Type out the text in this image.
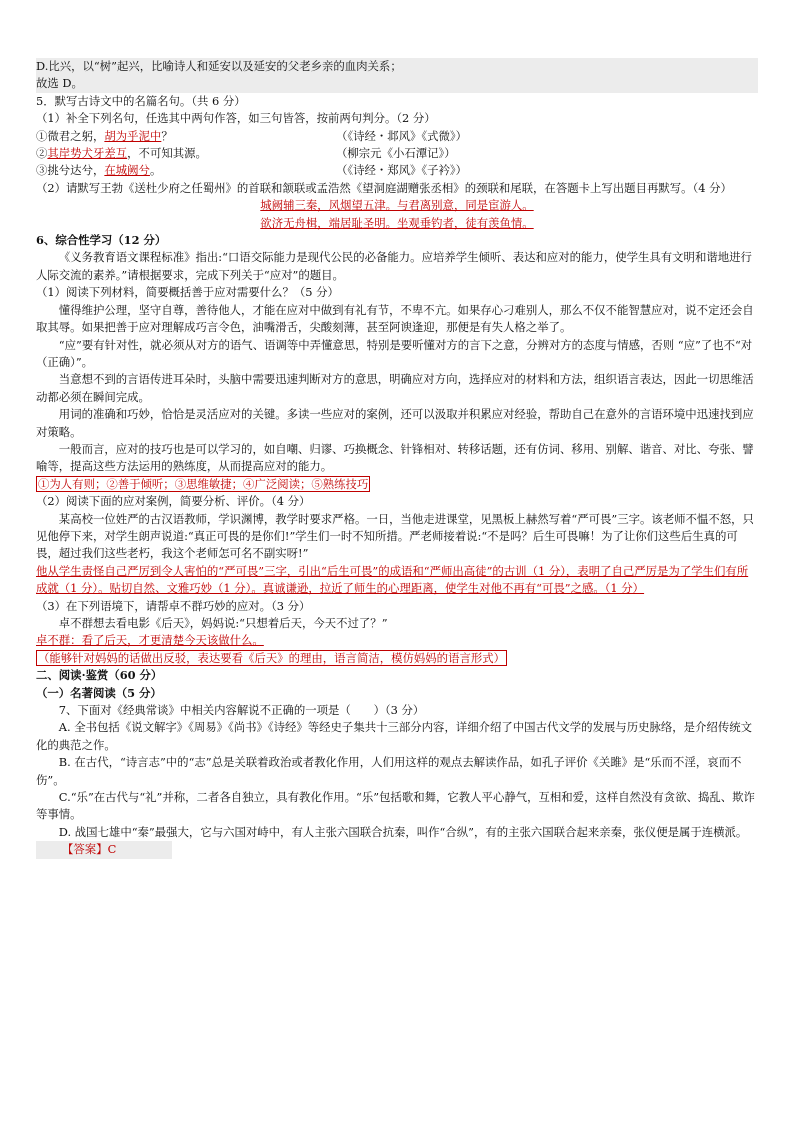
D.比兴，以“树”起兴，比喻诗人和延安以及延安的父老乡亲的血肉关系；

故选 D。

5．默写古诗文中的名篇名句。（共 6 分）

（1）补全下列名句，任选其中两句作答，如三句皆答，按前两句判分。（2 分）

①微君之躬，胡为乎泥中？	（《诗经・邶风》《式微》）
②其岸势犬牙差互，不可知其源。	（柳宗元《小石潭记》）
③挑兮达兮，在城阙兮。	（《诗经・郑风》《子衿》）

（2）请默写王勃《送杜少府之任蜀州》的首联和颔联或孟浩然《望洞庭湖赠张丞相》的颈联和尾联，在答题卡上写出题目再默写。（4 分）

城阙辅三秦，风烟望五津。与君离别意，同是宦游人。

欲济无舟楫，端居耻圣明。坐观垂钓者，徒有羡鱼情。

6、综合性学习（12 分）

《义务教育语文课程标准》指出:“口语交际能力是现代公民的必备能力。应培养学生倾听、表达和应对的能力，使学生具有文明和谐地进行人际交流的素养。”请根据要求，完成下列关于“应对”的题目。

（1）阅读下列材料，简要概括善于应对需要什么？（5 分）

懂得维护公理，坚守自尊，善待他人，才能在应对中做到有礼有节，不卑不亢。如果存心刁难别人，那么不仅不能智慧应对，说不定还会自取其辱。如果把善于应对理解成巧言令色，油嘴滑舌，尖酸刻薄，甚至阿谀逢迎，那便是有失人格之举了。

“应”要有针对性，就必须从对方的语气、语调等中弄懂意思，特别是要听懂对方的言下之意，分辨对方的态度与情感，否则 “应”了也不“对（正确）”。

当意想不到的言语传进耳朵时，头脑中需要迅速判断对方的意思，明确应对方向，选择应对的材料和方法，组织语言表达，因此一切思维活动都必须在瞬间完成。

用词的准确和巧妙，恰恰是灵活应对的关键。多读一些应对的案例，还可以汲取并积累应对经验，帮助自己在意外的言语环境中迅速找到应对策略。

一般而言，应对的技巧也是可以学习的，如自嘲、归谬、巧换概念、针锋相对、转移话题，还有仿词、移用、别解、谐音、对比、夸张、譬喻等，提高这些方法运用的熟练度，从而提高应对的能力。

①为人有则；②善于倾听；③思维敏捷；④广泛阅读；⑤熟练技巧

（2）阅读下面的应对案例，简要分析、评价。（4 分）

某高校一位姓严的古汉语教师，学识渊博，教学时要求严格。一日，当他走进课堂，见黑板上赫然写着“严可畏”三字。该老师不愠不怒，只见他停下来，对学生朗声说道:“真正可畏的是你们!”学生们一时不知所措。严老师接着说:“不是吗？后生可畏嘛！为了让你们这些后生真的可畏，超过我们这些老朽，我这个老师怎可名不副实呀!”

他从学生责怪自己严厉到令人害怕的“严可畏”三字，引出“后生可畏”的成语和“严师出高徒”的古训（1 分），表明了自己严厉是为了学生们有所成就（1 分）。贴切自然、文雅巧妙（1 分）。真诚谦逊，拉近了师生的心理距离，使学生对他不再有“可畏”之感。（1 分）

（3）在下列语境下，请帮卓不群巧妙的应对。（3 分）

卓不群想去看电影《后天》，妈妈说:“只想着后天，今天不过了？”

卓不群：看了后天，才更清楚今天该做什么。

（能够针对妈妈的话做出反驳，表达要看《后天》的理由，语言简洁，模仿妈妈的语言形式）

二、阅读·鉴赏（60 分）

（一）名著阅读（5 分）

7、下面对《经典常谈》中相关内容解说不正确的一项是（　　）（3 分）

A. 全书包括《说文解字》《周易》《尚书》《诗经》等经史子集共十三部分内容，详细介绍了中国古代文学的发展与历史脉络，是介绍传统文化的典范之作。

B. 在古代，“诗言志”中的“志”总是关联着政治或者教化作用，人们用这样的观点去解读作品，如孔子评价《关雎》是“乐而不淫，哀而不伤”。

C.“乐”在古代与“礼”并称，二者各自独立，具有教化作用。“乐”包括歌和舞，它教人平心静气，互相和爱，这样自然没有贪欲、捣乱、欺诈等事情。

D. 战国七雄中“秦”最强大，它与六国对峙中，有人主张六国联合抗秦，叫作“合纵”，有的主张六国联合起来亲秦，张仪便是属于连横派。

【答案】C
